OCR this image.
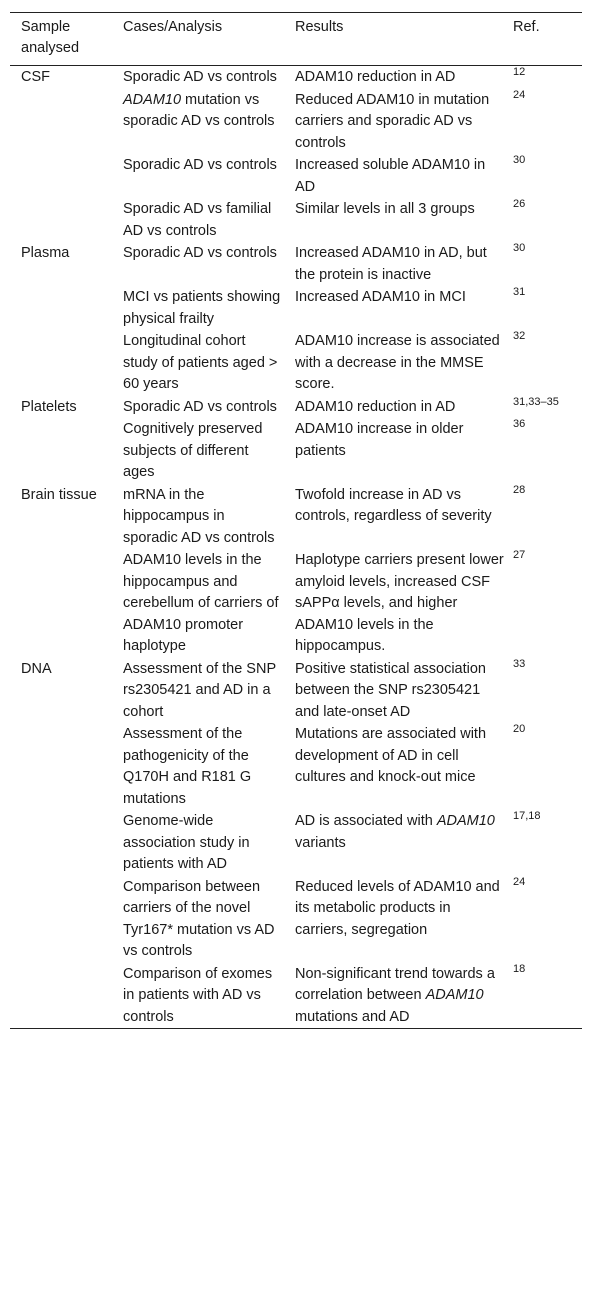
Sample analysed	Cases/Analysis	Results	Ref.
CSF	Sporadic AD vs controls	ADAM10 reduction in AD	12

	ADAM10 mutation vs sporadic AD vs controls	Reduced ADAM10 in mutation carriers and sporadic AD vs controls	24

	Sporadic AD vs controls	Increased soluble ADAM10 in AD	30

	Sporadic AD vs familial AD vs controls	Similar levels in all 3 groups	26

Plasma	Sporadic AD vs controls	Increased ADAM10 in AD, but the protein is inactive	30

	MCI vs patients showing physical frailty	Increased ADAM10 in MCI	31

	Longitudinal cohort study of patients aged > 60 years	ADAM10 increase is associated with a decrease in the MMSE score.	32

Platelets	Sporadic AD vs controls	ADAM10 reduction in AD	31,33–35

	Cognitively preserved subjects of different ages	ADAM10 increase in older patients	36

Brain tissue	mRNA in the hippocampus in sporadic AD vs controls	Twofold increase in AD vs controls, regardless of severity	28

	ADAM10 levels in the hippocampus and cerebellum of carriers of ADAM10 promoter haplotype	Haplotype carriers present lower amyloid levels, increased CSF sAPPα levels, and higher ADAM10 levels in the hippocampus.	27

DNA	Assessment of the SNP rs2305421 and AD in a cohort	Positive statistical association between the SNP rs2305421 and late-onset AD	33

	Assessment of the pathogenicity of the Q170H and R181 G mutations	Mutations are associated with development of AD in cell cultures and knock-out mice	20

	Genome-wide association study in patients with AD	AD is associated with ADAM10 variants	17,18

	Comparison between carriers of the novel Tyr167* mutation vs AD vs controls	Reduced levels of ADAM10 and its metabolic products in carriers, segregation	24

	Comparison of exomes in patients with AD vs controls	Non-significant trend towards a correlation between ADAM10 mutations and AD	18
